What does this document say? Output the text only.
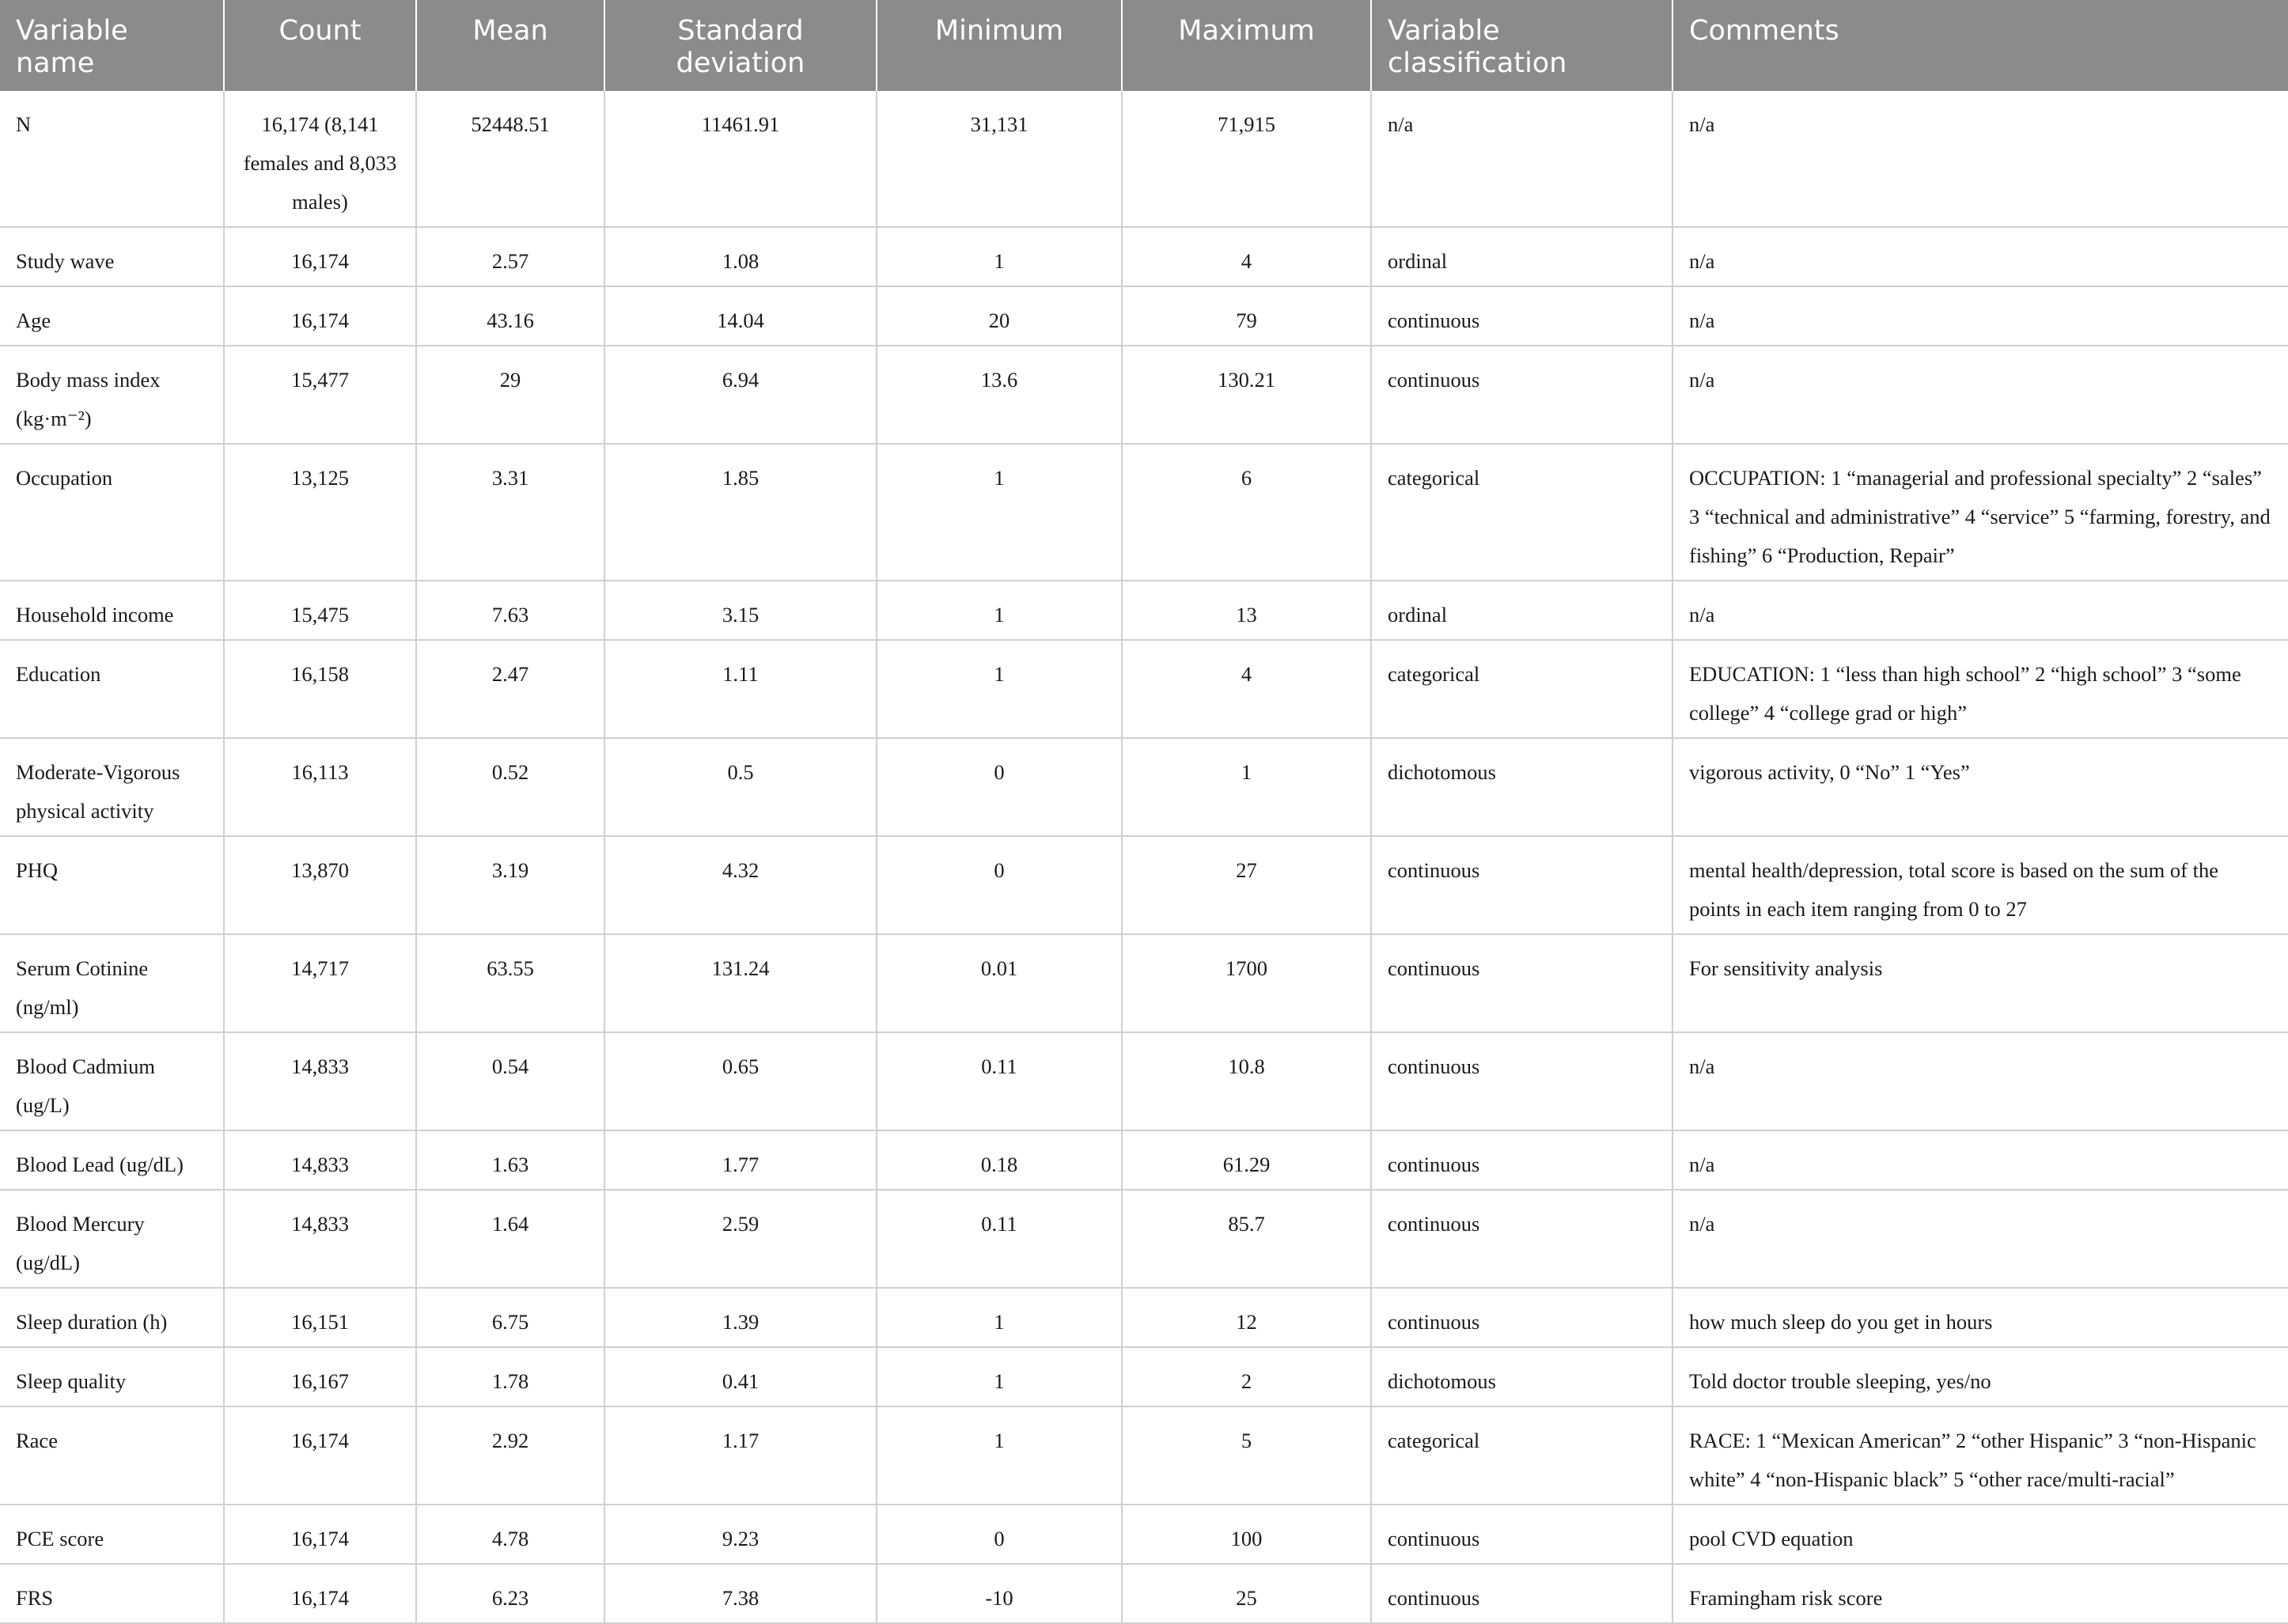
Variable name	Count	Mean	Standard deviation	Minimum	Maximum	Variable classification	Comments
N	16,174 (8,141 females and 8,033 males)	52448.51	11461.91	31,131	71,915	n/a	n/a
Study wave	16,174	2.57	1.08	1	4	ordinal	n/a
Age	16,174	43.16	14.04	20	79	continuous	n/a
Body mass index (kg·m⁻²)	15,477	29	6.94	13.6	130.21	continuous	n/a
Occupation	13,125	3.31	1.85	1	6	categorical	OCCUPATION: 1 “managerial and professional specialty” 2 “sales” 3 “technical and administrative” 4 “service” 5 “farming, forestry, and fishing” 6 “Production, Repair”
Household income	15,475	7.63	3.15	1	13	ordinal	n/a
Education	16,158	2.47	1.11	1	4	categorical	EDUCATION: 1 “less than high school” 2 “high school” 3 “some college” 4 “college grad or high”
Moderate-Vigorous physical activity	16,113	0.52	0.5	0	1	dichotomous	vigorous activity, 0 “No” 1 “Yes”
PHQ	13,870	3.19	4.32	0	27	continuous	mental health/depression, total score is based on the sum of the points in each item ranging from 0 to 27
Serum Cotinine (ng/ml)	14,717	63.55	131.24	0.01	1700	continuous	For sensitivity analysis
Blood Cadmium (ug/L)	14,833	0.54	0.65	0.11	10.8	continuous	n/a
Blood Lead (ug/dL)	14,833	1.63	1.77	0.18	61.29	continuous	n/a
Blood Mercury (ug/dL)	14,833	1.64	2.59	0.11	85.7	continuous	n/a
Sleep duration (h)	16,151	6.75	1.39	1	12	continuous	how much sleep do you get in hours
Sleep quality	16,167	1.78	0.41	1	2	dichotomous	Told doctor trouble sleeping, yes/no
Race	16,174	2.92	1.17	1	5	categorical	RACE: 1 “Mexican American” 2 “other Hispanic” 3 “non-Hispanic white” 4 “non-Hispanic black” 5 “other race/multi-racial”
PCE score	16,174	4.78	9.23	0	100	continuous	pool CVD equation
FRS	16,174	6.23	7.38	-10	25	continuous	Framingham risk score
